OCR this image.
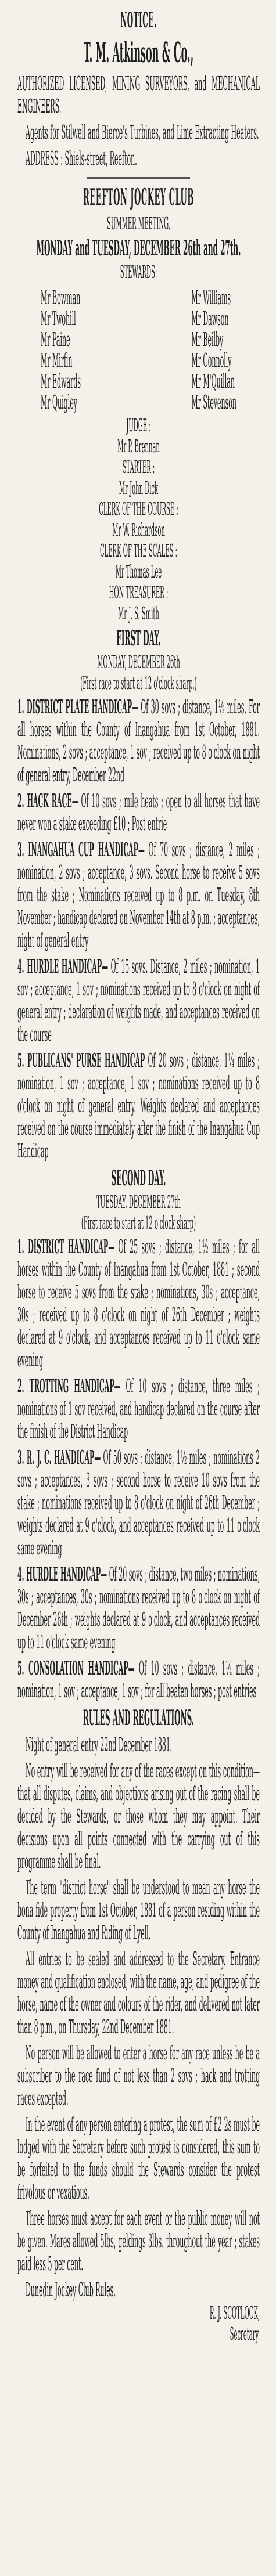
NOTICE.
T. M. Atkinson & Co.,

AUTHORIZED LICENSED, MINING SURVEYORS, and MECHANICAL ENGINEERS.

Agents for Stilwell and Bierce's Turbines, and Lime Extracting Heaters.

ADDRESS : Shiels-street, Reefton.

REEFTON JOCKEY CLUB
SUMMER MEETING.
MONDAY and TUESDAY, DECEMBER 26th and 27th.
STEWARDS:
Mr Bowman
Mr Twohill
Mr Paine
Mr Mirfin
Mr Edwards
Mr Quigley
Mr Williams
Mr Dawson
Mr Beilby
Mr Connolly
Mr M'Quillan
Mr Stevenson
JUDGE :
Mr P. Brennan
STARTER :
Mr John Dick
CLERK OF THE COURSE :
Mr W. Richardson
CLERK OF THE SCALES :
Mr Thomas Lee
HON TREASURER :
Mr J. S. Smith
FIRST DAY.
MONDAY, DECEMBER 26th
(First race to start at 12 o'clock sharp.)

1. DISTRICT PLATE HANDICAP— Of 30 sovs ; distance, 1½ miles. For all horses within the County of Inangahua from 1st October, 1881. Nominations, 2 sovs ; acceptance, 1 sov ; received up to 8 o'clock on night of general entry, December 22nd

2. HACK RACE— Of 10 sovs ; mile heats ; open to all horses that have never won a stake exceeding £10 ; Post entrie

3. INANGAHUA CUP HANDICAP— Of 70 sovs ; distance, 2 miles ; nomination, 2 sovs ; acceptance, 3 sovs. Second horse to receive 5 sovs from the stake ; Nominations received up to 8 p.m. on Tuesday, 8th November ; handicap declared on November 14th at 8 p.m. ; acceptances, night of general entry

4. HURDLE HANDICAP— Of 15 sovs. Distance, 2 miles ; nomination, 1 sov ; acceptance, 1 sov ; nominations received up to 8 o'clock on night of general entry ; declaration of weights made, and acceptances received on the course

5. PUBLICANS' PURSE HANDICAP Of 20 sovs ; distance, 1¼ miles ; nomination, 1 sov ; acceptance, 1 sov ; nominations received up to 8 o'clock on night of general entry. Weights declared and acceptances received on the course immediately after the finish of the Inangahua Cup Handicap

SECOND DAY.
TUESDAY, DECEMBER 27th
(First race to start at 12 o'clock sharp)

1. DISTRICT HANDICAP— Of 25 sovs ; distance, 1½ miles ; for all horses within the County of Inangahua from 1st October, 1881 ; second horse to receive 5 sovs from the stake ; nominations, 30s ; acceptance, 30s ; received up to 8 o'clock on night of 26th December ; weights declared at 9 o'clock, and acceptances received up to 11 o'clock same evening

2. TROTTING HANDICAP— Of 10 sovs ; distance, three miles ; nominations of 1 sov received, and handicap declared on the course after the finish of the District Handicap

3. R. J. C. HANDICAP— Of 50 sovs ; distance, 1½ miles ; nominations 2 sovs ; acceptances, 3 sovs ; second horse to receive 10 sovs from the stake ; nominations received up to 8 o'clock on night of 26th December ; weights declared at 9 o'clock, and acceptances received up to 11 o'clock same evening

4. HURDLE HANDICAP— Of 20 sovs ; distance, two miles ; nominations, 30s ; acceptances, 30s ; nominations received up to 8 o'clock on night of December 26th ; weights declared at 9 o'clock, and acceptances received up to 11 o'clock same evening

5. CONSOLATION HANDICAP— Of 10 sovs ; distance, 1¼ miles ; nomination, 1 sov ; acceptance, 1 sov ; for all beaten horses ; post entries

RULES AND REGULATIONS.

Night of general entry 22nd December 1881.

No entry will be received for any of the races except on this condition—that all disputes, claims, and objections arising out of the racing shall be decided by the Stewards, or those whom they may appoint. Their decisions upon all points connected with the carrying out of this programme shall be final.

The term "district horse" shall be understood to mean any horse the bona fide property from 1st October, 1881 of a person residing within the County of Inangahua and Riding of Lyell.

All entries to be sealed and addressed to the Secretary. Entrance money and qualification enclosed, with the name, age, and pedigree of the horse, name of the owner and colours of the rider, and delivered not later than 8 p.m., on Thursday, 22nd December 1881.

No person will be allowed to enter a horse for any race unless he be a subscriber to the race fund of not less than 2 sovs ; hack and trotting races excepted.

In the event of any person entering a protest, the sum of £2 2s must be lodged with the Secretary before such protest is considered, this sum to be forfeited to the funds should the Stewards consider the protest frivolous or vexatious.

Three horses must accept for each event or the public money will not be given. Mares allowed 5lbs, geldings 3lbs. throughout the year ; stakes paid less 5 per cent.

Dunedin Jockey Club Rules.

R. J. SCOTLOCK,
Secretary.
